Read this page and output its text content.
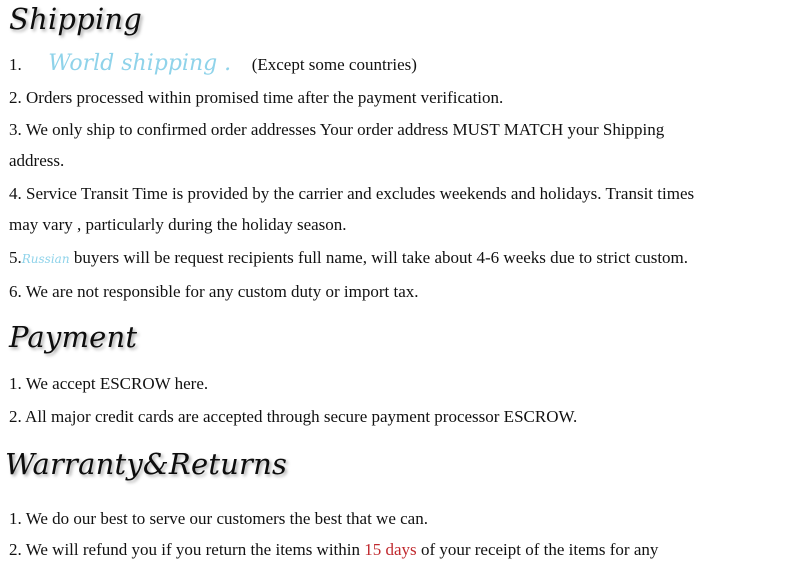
Shipping
1. World shipping . (Except some countries)
2. Orders processed within promised time after the payment verification.
3. We only ship to confirmed order addresses Your order address MUST MATCH your Shipping
address.
4. Service Transit Time is provided by the carrier and excludes weekends and holidays. Transit times
may vary , particularly during the holiday season.
5.Russian buyers will be request recipients full name, will take about 4-6 weeks due to strict custom.
6. We are not responsible for any custom duty or import tax.
Payment
1. We accept ESCROW here.
2. All major credit cards are accepted through secure payment processor ESCROW.
Warranty&Returns
1. We do our best to serve our customers the best that we can.
2. We will refund you if you return the items within 15 days of your receipt of the items for any
